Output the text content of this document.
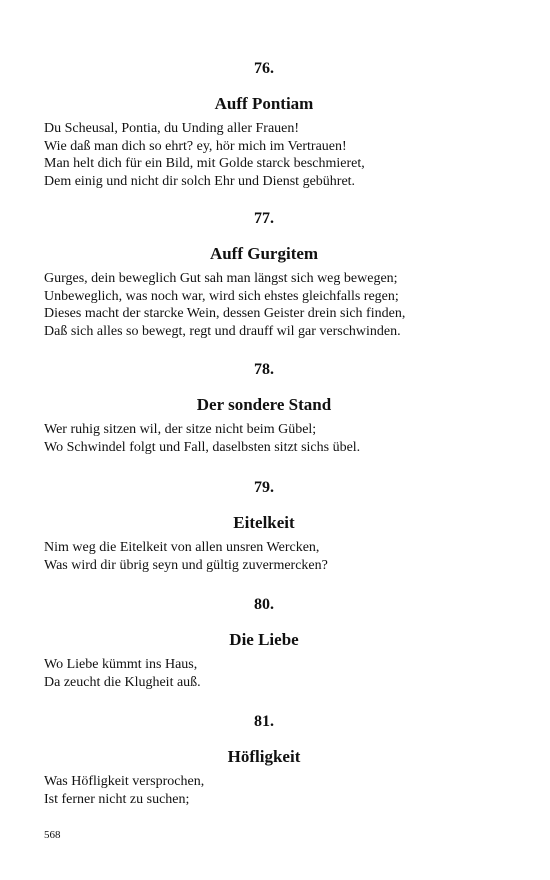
76.
Auff Pontiam
Du Scheusal, Pontia, du Unding aller Frauen!
Wie daß man dich so ehrt? ey, hör mich im Vertrauen!
Man helt dich für ein Bild, mit Golde starck beschmieret,
Dem einig und nicht dir solch Ehr und Dienst gebühret.
77.
Auff Gurgitem
Gurges, dein beweglich Gut sah man längst sich weg bewegen;
Unbeweglich, was noch war, wird sich ehstes gleichfalls regen;
Dieses macht der starcke Wein, dessen Geister drein sich finden,
Daß sich alles so bewegt, regt und drauff wil gar verschwinden.
78.
Der sondere Stand
Wer ruhig sitzen wil, der sitze nicht beim Gübel;
Wo Schwindel folgt und Fall, daselbsten sitzt sichs übel.
79.
Eitelkeit
Nim weg die Eitelkeit von allen unsren Wercken,
Was wird dir übrig seyn und gültig zuvermercken?
80.
Die Liebe
Wo Liebe kümmt ins Haus,
Da zeucht die Klugheit auß.
81.
Höfligkeit
Was Höfligkeit versprochen,
Ist ferner nicht zu suchen;
568
